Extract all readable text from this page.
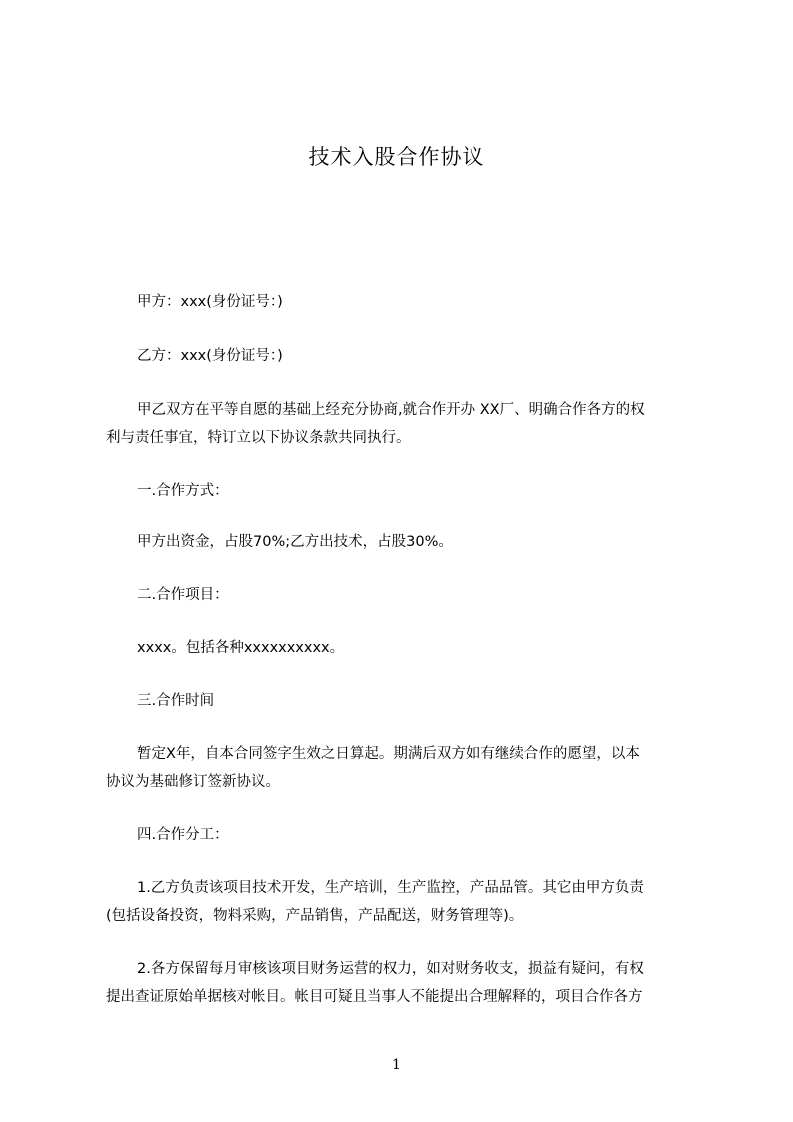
技术入股合作协议
甲方：xxx(身份证号：)
乙方：xxx(身份证号：)
甲乙双方在平等自愿的基础上经充分协商,就合作开办 XX厂、明确合作各方的权
利与责任事宜，特订立以下协议条款共同执行。
一.合作方式：
甲方出资金，占股70%;乙方出技术，占股30%。
二.合作项目：
xxxx。包括各种xxxxxxxxxx。
三.合作时间
暂定X年，自本合同签字生效之日算起。期满后双方如有继续合作的愿望，以本
协议为基础修订签新协议。
四.合作分工：
1.乙方负责该项目技术开发，生产培训，生产监控，产品品管。其它由甲方负责
(包括设备投资，物料采购，产品销售，产品配送，财务管理等)。
2.各方保留每月审核该项目财务运营的权力，如对财务收支，损益有疑问，有权
提出查证原始单据核对帐目。帐目可疑且当事人不能提出合理解释的，项目合作各方
1
